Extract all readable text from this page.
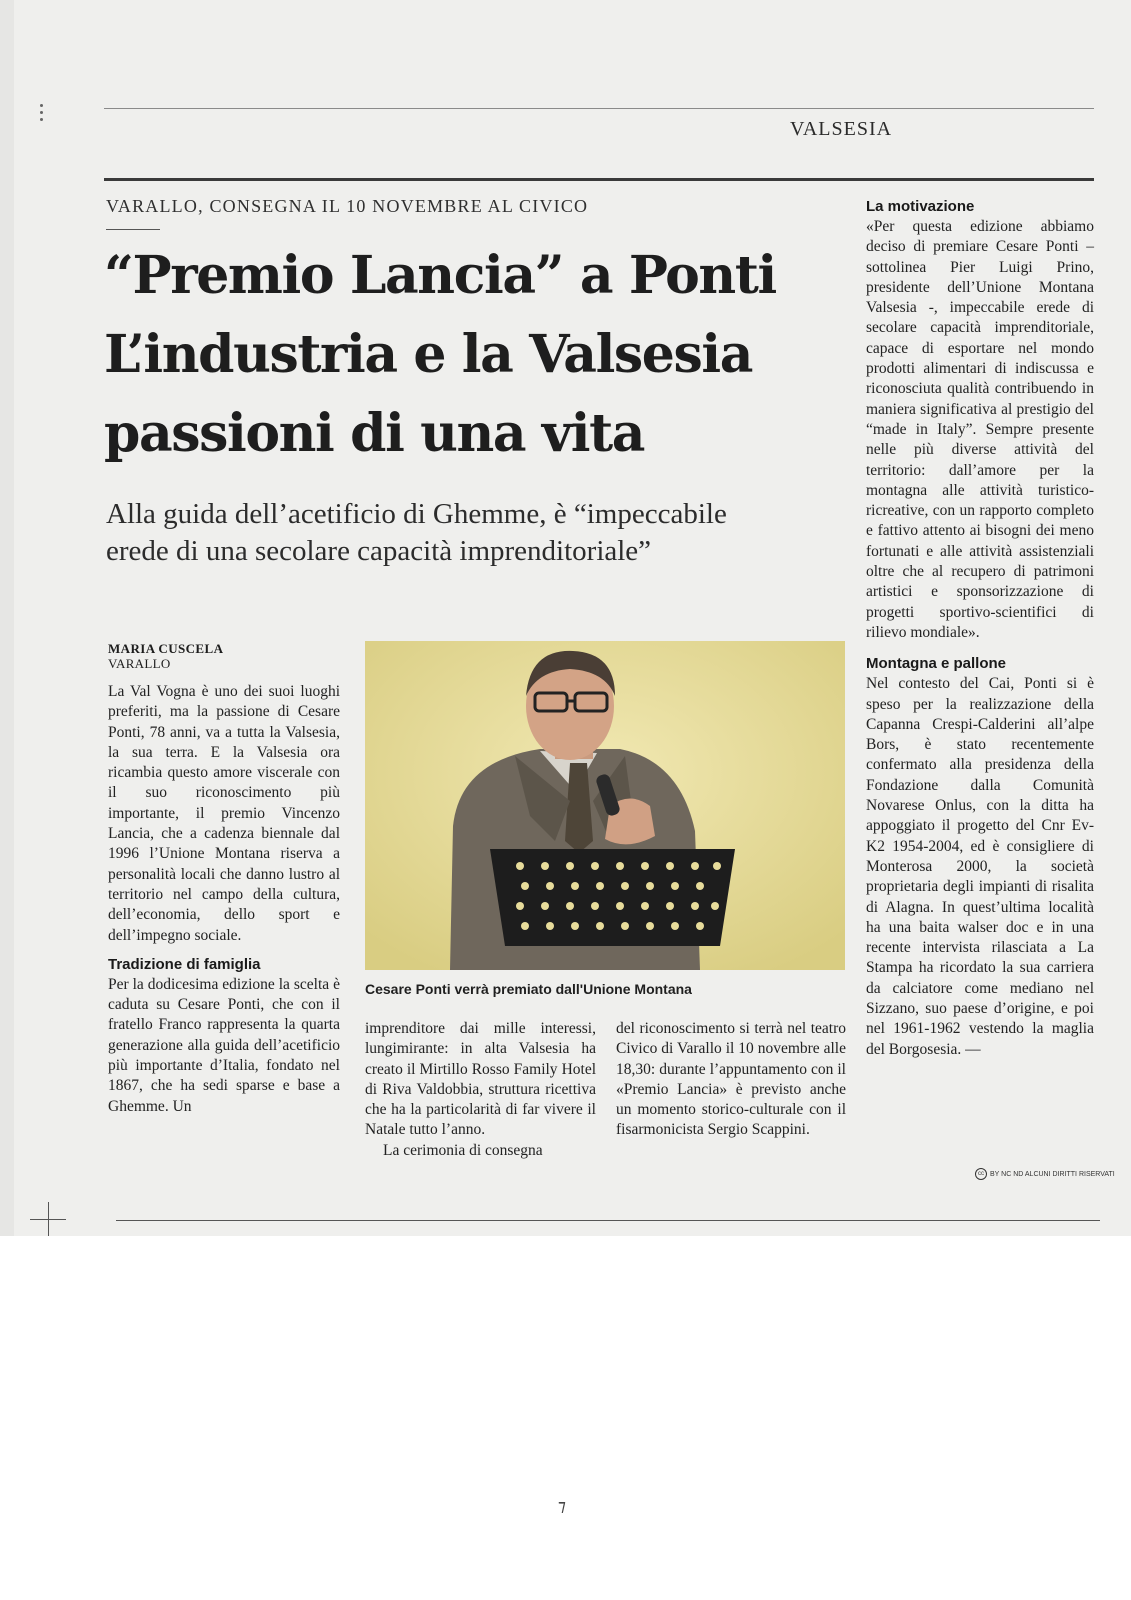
VALSESIA
VARALLO, CONSEGNA IL 10 NOVEMBRE AL CIVICO
“Premio Lancia” a Ponti
L’industria e la Valsesia
passioni di una vita
Alla guida dell’acetificio di Ghemme, è “impeccabile
erede di una secolare capacità imprenditoriale”
MARIA CUSCELA
VARALLO

La Val Vogna è uno dei suoi luoghi preferiti, ma la passione di Cesare Ponti, 78 anni, va a tutta la Valsesia, la sua terra. E la Valsesia ora ricambia questo amore viscerale con il suo riconoscimento più importante, il premio Vincenzo Lancia, che a cadenza biennale dal 1996 l’Unione Montana riserva a personalità locali che danno lustro al territorio nel campo della cultura, dell’economia, dello sport e dell’impegno sociale.

Tradizione di famiglia

Per la dodicesima edizione la scelta è caduta su Cesare Ponti, che con il fratello Franco rappresenta la quarta generazione alla guida dell’acetificio più importante d’Italia, fondato nel 1867, che ha sedi sparse e base a Ghemme. Un

Cesare Ponti verrà premiato dall'Unione Montana

imprenditore dai mille interessi, lungimirante: in alta Valsesia ha creato il Mirtillo Rosso Family Hotel di Riva Valdobbia, struttura ricettiva che ha la particolarità di far vivere il Natale tutto l’anno.

La cerimonia di consegna

del riconoscimento si terrà nel teatro Civico di Varallo il 10 novembre alle 18,30: durante l’appuntamento con il «Premio Lancia» è previsto anche un momento storico-culturale con il fisarmonicista Sergio Scappini.

La motivazione

«Per questa edizione abbiamo deciso di premiare Cesare Ponti – sottolinea Pier Luigi Prino, presidente dell’Unione Montana Valsesia -, impeccabile erede di secolare capacità imprenditoriale, capace di esportare nel mondo prodotti alimentari di indiscussa e riconosciuta qualità contribuendo in maniera significativa al prestigio del “made in Italy”. Sempre presente nelle più diverse attività del territorio: dall’amore per la montagna alle attività turistico-ricreative, con un rapporto completo e fattivo attento ai bisogni dei meno fortunati e alle attività assistenziali oltre che al recupero di patrimoni artistici e sponsorizzazione di progetti sportivo-scientifici di rilievo mondiale».

Montagna e pallone

Nel contesto del Cai, Ponti si è speso per la realizzazione della Capanna Crespi-Calderini all’alpe Bors, è stato recentemente confermato alla presidenza della Fondazione dalla Comunità Novarese Onlus, con la ditta ha appoggiato il progetto del Cnr Ev-K2 1954-2004, ed è consigliere di Monterosa 2000, la società proprietaria degli impianti di risalita di Alagna. In quest’ultima località ha una baita walser doc e in una recente intervista rilasciata a La Stampa ha ricordato la sua carriera da calciatore come mediano nel Sizzano, suo paese d’origine, e poi nel 1961-1962 vestendo la maglia del Borgosesia. —

cc BY NC ND ALCUNI DIRITTI RISERVATI
⁊
